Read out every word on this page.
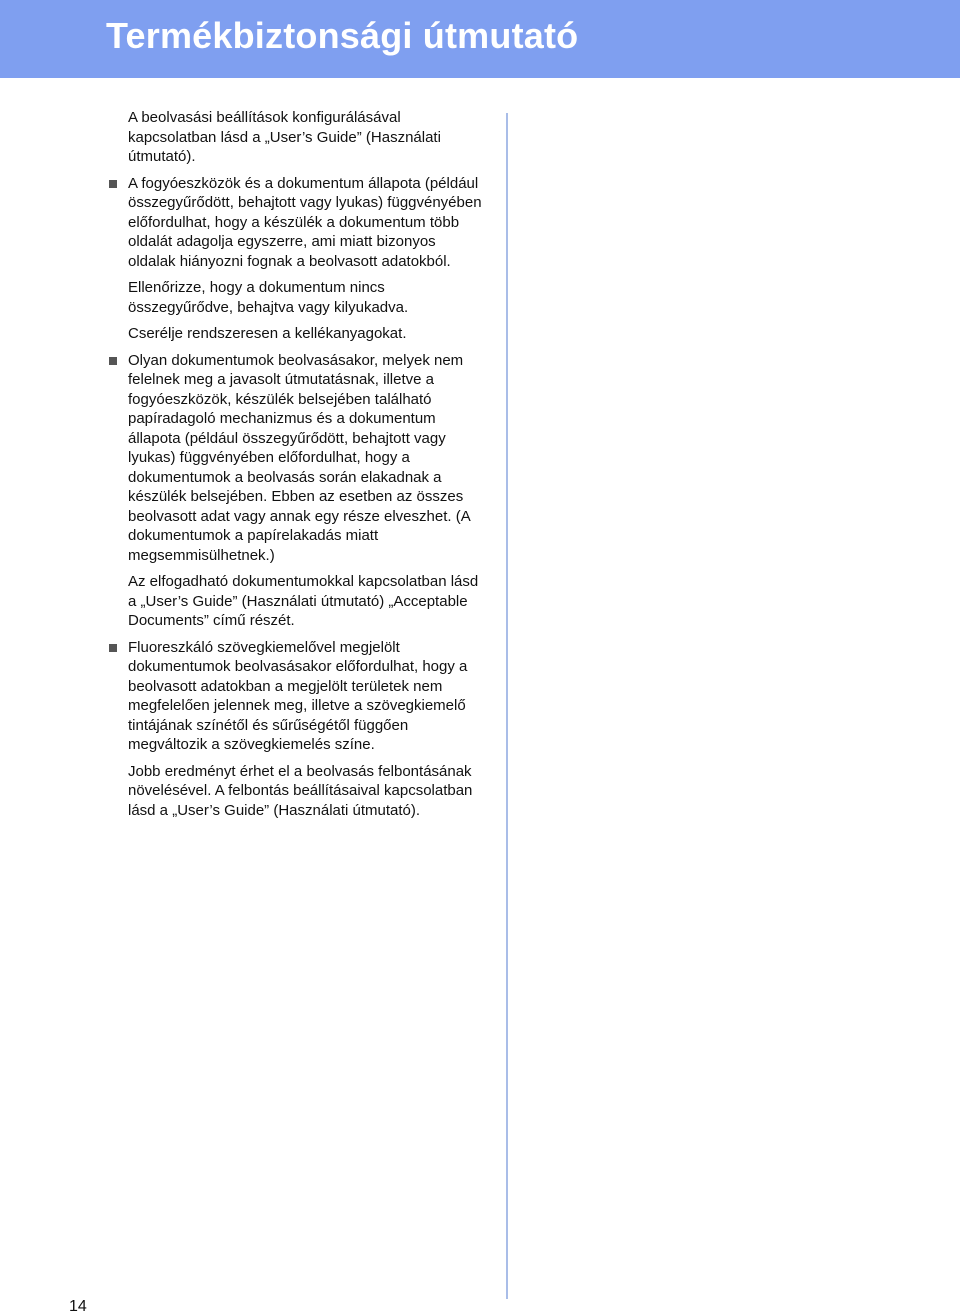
Termékbiztonsági útmutató

A beolvasási beállítások konfigurálásával kapcsolatban lásd a „User’s Guide” (Használati útmutató).

A fogyóeszközök és a dokumentum állapota (például összegyűrődött, behajtott vagy lyukas) függvényében előfordulhat, hogy a készülék a dokumentum több oldalát adagolja egyszerre, ami miatt bizonyos oldalak hiányozni fognak a beolvasott adatokból.

Ellenőrizze, hogy a dokumentum nincs összegyűrődve, behajtva vagy kilyukadva.

Cserélje rendszeresen a kellékanyagokat.

Olyan dokumentumok beolvasásakor, melyek nem felelnek meg a javasolt útmutatásnak, illetve a fogyóeszközök, készülék belsejében található papíradagoló mechanizmus és a dokumentum állapota (például összegyűrődött, behajtott vagy lyukas) függvényében előfordulhat, hogy a dokumentumok a beolvasás során elakadnak a készülék belsejében. Ebben az esetben az összes beolvasott adat vagy annak egy része elveszhet. (A dokumentumok a papírelakadás miatt megsemmisülhetnek.)

Az elfogadható dokumentumokkal kapcsolatban lásd a „User’s Guide” (Használati útmutató) „Acceptable Documents” című részét.

Fluoreszkáló szövegkiemelővel megjelölt dokumentumok beolvasásakor előfordulhat, hogy a beolvasott adatokban a megjelölt területek nem megfelelően jelennek meg, illetve a szövegkiemelő tintájának színétől és sűrűségétől függően megváltozik a szövegkiemelés színe.

Jobb eredményt érhet el a beolvasás felbontásának növelésével. A felbontás beállításaival kapcsolatban lásd a „User’s Guide” (Használati útmutató).

14
